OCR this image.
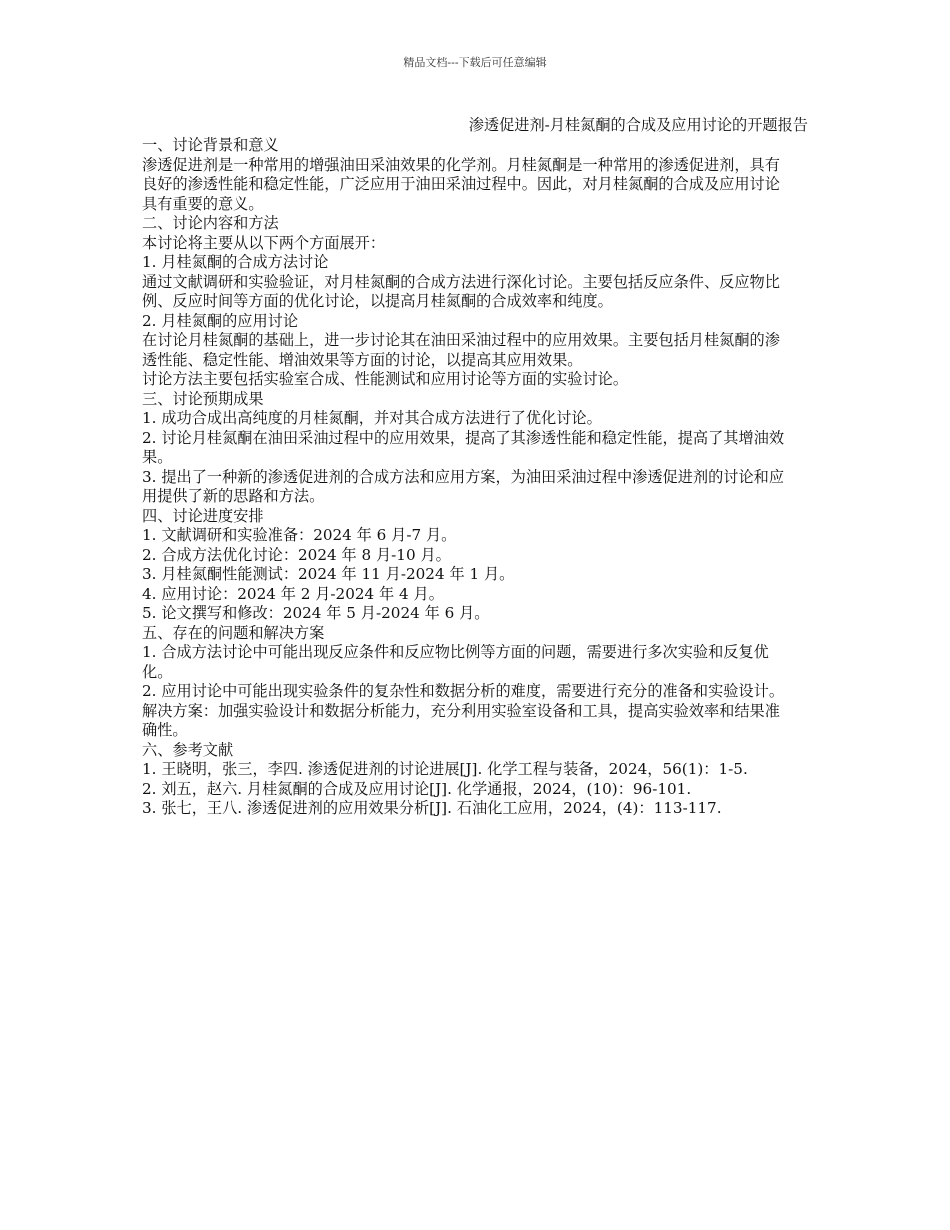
精品文档---下载后可任意编辑
渗透促进剂-月桂氮酮的合成及应用讨论的开题报告

一、讨论背景和意义

渗透促进剂是一种常用的增强油田采油效果的化学剂。月桂氮酮是一种常用的渗透促进剂，具有良好的渗透性能和稳定性能，广泛应用于油田采油过程中。因此，对月桂氮酮的合成及应用讨论具有重要的意义。

二、讨论内容和方法

本讨论将主要从以下两个方面展开：

1. 月桂氮酮的合成方法讨论

通过文献调研和实验验证，对月桂氮酮的合成方法进行深化讨论。主要包括反应条件、反应物比例、反应时间等方面的优化讨论，以提高月桂氮酮的合成效率和纯度。

2. 月桂氮酮的应用讨论

在讨论月桂氮酮的基础上，进一步讨论其在油田采油过程中的应用效果。主要包括月桂氮酮的渗透性能、稳定性能、增油效果等方面的讨论，以提高其应用效果。

讨论方法主要包括实验室合成、性能测试和应用讨论等方面的实验讨论。

三、讨论预期成果

1. 成功合成出高纯度的月桂氮酮，并对其合成方法进行了优化讨论。

2. 讨论月桂氮酮在油田采油过程中的应用效果，提高了其渗透性能和稳定性能，提高了其增油效果。

3. 提出了一种新的渗透促进剂的合成方法和应用方案，为油田采油过程中渗透促进剂的讨论和应用提供了新的思路和方法。

四、讨论进度安排

1. 文献调研和实验准备：2024 年 6 月-7 月。

2. 合成方法优化讨论：2024 年 8 月-10 月。

3. 月桂氮酮性能测试：2024 年 11 月-2024 年 1 月。

4. 应用讨论：2024 年 2 月-2024 年 4 月。

5. 论文撰写和修改：2024 年 5 月-2024 年 6 月。

五、存在的问题和解决方案

1. 合成方法讨论中可能出现反应条件和反应物比例等方面的问题，需要进行多次实验和反复优化。

2. 应用讨论中可能出现实验条件的复杂性和数据分析的难度，需要进行充分的准备和实验设计。

解决方案：加强实验设计和数据分析能力，充分利用实验室设备和工具，提高实验效率和结果准确性。

六、参考文献

1. 王晓明，张三，李四. 渗透促进剂的讨论进展[J]. 化学工程与装备，2024，56(1)：1-5.

2. 刘五，赵六. 月桂氮酮的合成及应用讨论[J]. 化学通报，2024，(10)：96-101.

3. 张七，王八. 渗透促进剂的应用效果分析[J]. 石油化工应用，2024，(4)：113-117.
